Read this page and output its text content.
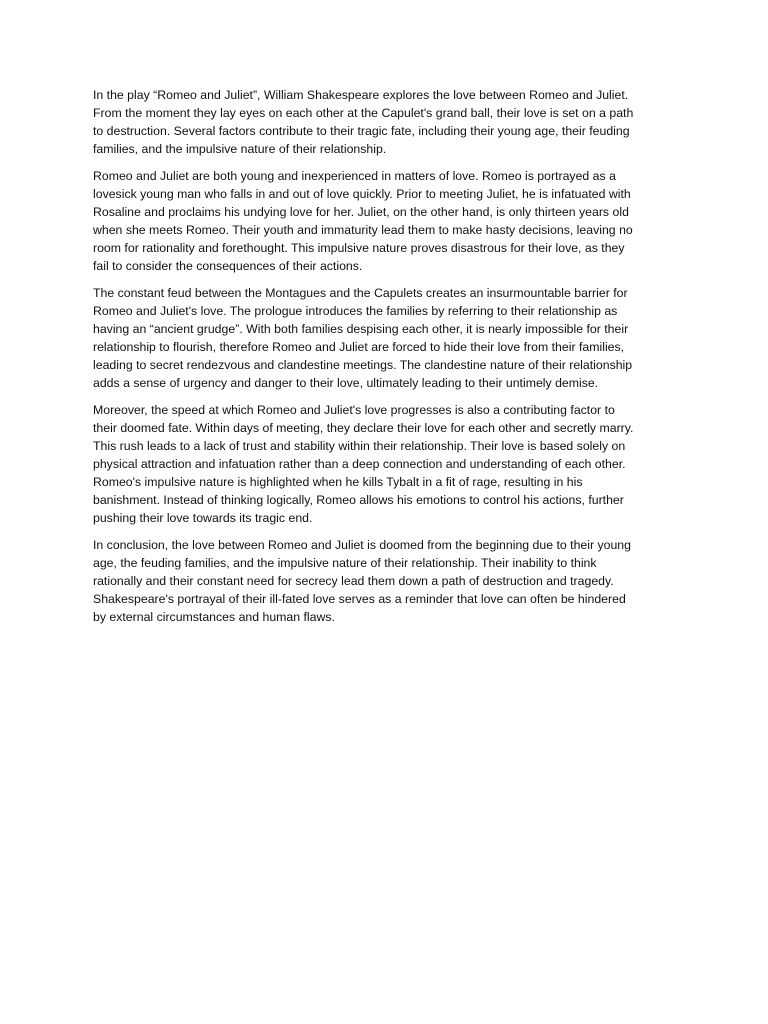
In the play “Romeo and Juliet”, William Shakespeare explores the love between Romeo and Juliet.
From the moment they lay eyes on each other at the Capulet's grand ball, their love is set on a path
to destruction. Several factors contribute to their tragic fate, including their young age, their feuding
families, and the impulsive nature of their relationship.

Romeo and Juliet are both young and inexperienced in matters of love. Romeo is portrayed as a
lovesick young man who falls in and out of love quickly. Prior to meeting Juliet, he is infatuated with
Rosaline and proclaims his undying love for her. Juliet, on the other hand, is only thirteen years old
when she meets Romeo. Their youth and immaturity lead them to make hasty decisions, leaving no
room for rationality and forethought. This impulsive nature proves disastrous for their love, as they
fail to consider the consequences of their actions.

The constant feud between the Montagues and the Capulets creates an insurmountable barrier for
Romeo and Juliet's love. The prologue introduces the families by referring to their relationship as
having an “ancient grudge”. With both families despising each other, it is nearly impossible for their
relationship to flourish, therefore Romeo and Juliet are forced to hide their love from their families,
leading to secret rendezvous and clandestine meetings. The clandestine nature of their relationship
adds a sense of urgency and danger to their love, ultimately leading to their untimely demise.

Moreover, the speed at which Romeo and Juliet's love progresses is also a contributing factor to
their doomed fate. Within days of meeting, they declare their love for each other and secretly marry.
This rush leads to a lack of trust and stability within their relationship. Their love is based solely on
physical attraction and infatuation rather than a deep connection and understanding of each other.
Romeo's impulsive nature is highlighted when he kills Tybalt in a fit of rage, resulting in his
banishment. Instead of thinking logically, Romeo allows his emotions to control his actions, further
pushing their love towards its tragic end.

In conclusion, the love between Romeo and Juliet is doomed from the beginning due to their young
age, the feuding families, and the impulsive nature of their relationship. Their inability to think
rationally and their constant need for secrecy lead them down a path of destruction and tragedy.
Shakespeare's portrayal of their ill-fated love serves as a reminder that love can often be hindered
by external circumstances and human flaws.
